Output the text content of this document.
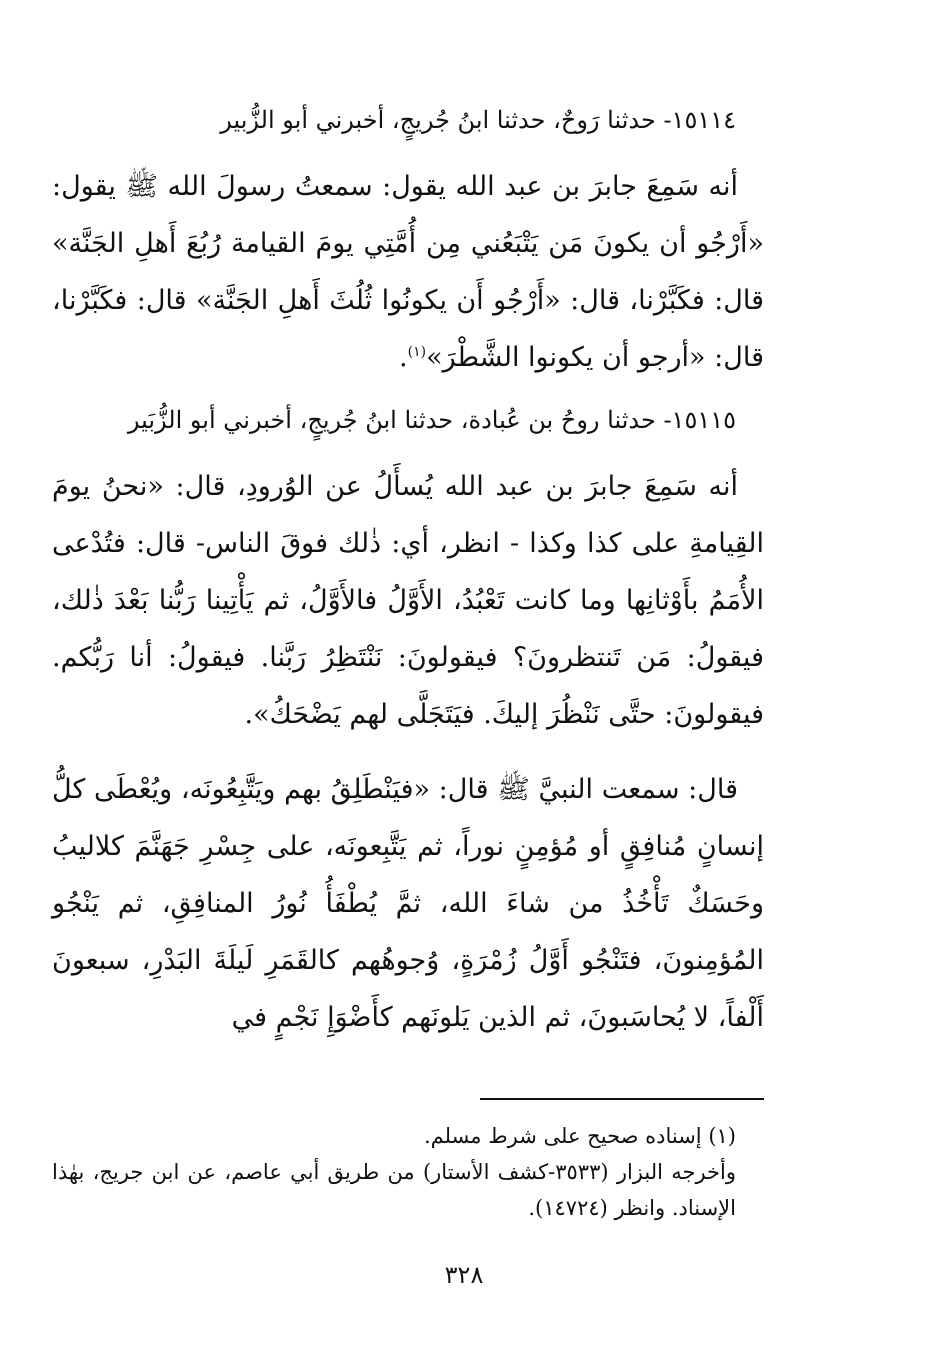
١٥١١٤- حدثنا رَوحٌ، حدثنا ابنُ جُريجٍ، أخبرني أبو الزُّبير

أنه سَمِعَ جابرَ بن عبد الله يقول: سمعتُ رسولَ الله ﷺ يقول: «أَرْجُو أن يكونَ مَن يَتْبَعُني مِن أُمَّتِي يومَ القيامة رُبُعَ أَهلِ الجَنَّة» قال: فكَبَّرْنا، قال: «أَرْجُو أَن يكونُوا ثُلُثَ أَهلِ الجَنَّة» قال: فكَبَّرْنا، قال: «أرجو أن يكونوا الشَّطْرَ»$^{(١)}$.

١٥١١٥- حدثنا روحُ بن عُبادة، حدثنا ابنُ جُريجٍ، أخبرني أبو الزُّبَير

أنه سَمِعَ جابرَ بن عبد الله يُسأَلُ عن الوُرودِ، قال: «نحنُ يومَ القِيامةِ على كذا وكذا - انظر، أي: ذٰلك فوقَ الناس- قال: فتُدْعى الأُمَمُ بأَوْثانِها وما كانت تَعْبُدُ، الأَوَّلُ فالأَوَّلُ، ثم يَأْتِينا رَبُّنا بَعْدَ ذٰلك، فيقولُ: مَن تَنتظرونَ؟ فيقولونَ: نَنْتَظِرُ رَبَّنا. فيقولُ: أنا رَبُّكم. فيقولونَ: حتَّى نَنْظُرَ إليكَ. فيَتَجَلَّى لهم يَضْحَكُ».

قال: سمعت النبيَّ ﷺ قال: «فيَنْطَلِقُ بهم ويَتَّبِعُونَه، ويُعْطَى كلُّ إنسانٍ مُنافِقٍ أو مُؤمِنٍ نوراً، ثم يَتَّبِعونَه، على جِسْرِ جَهَنَّمَ كلاليبُ وحَسَكٌ تَأْخُذُ من شاءَ الله، ثمَّ يُطْفَأُ نُورُ المنافِقِ، ثم يَنْجُو المُؤمِنونَ، فتَنْجُو أَوَّلُ زُمْرَةٍ، وُجوهُهم كالقَمَرِ لَيلَةَ البَدْرِ، سبعونَ أَلْفاً، لا يُحاسَبونَ، ثم الذين يَلونَهم كأَضْوَإِ نَجْمٍ في

(١) إسناده صحيح على شرط مسلم.

وأخرجه البزار (٣٥٣٣-كشف الأستار) من طريق أبي عاصم، عن ابن جريج، بهٰذا الإسناد. وانظر (١٤٧٢٤).

٣٢٨
